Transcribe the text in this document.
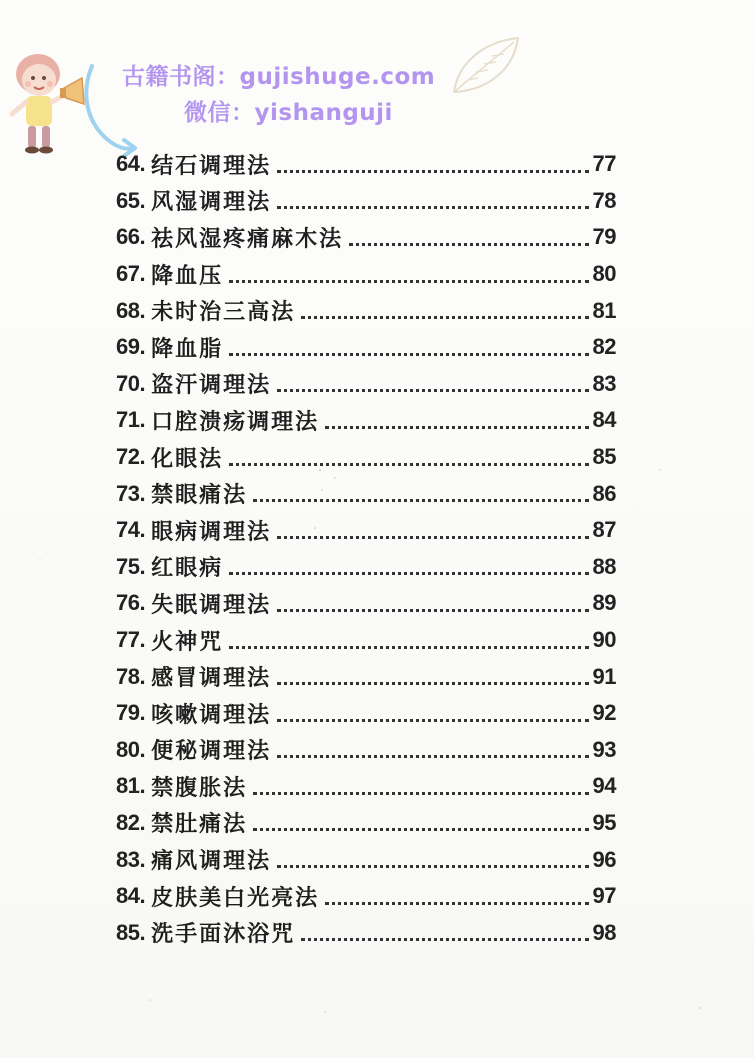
古籍书阁：gujishuge.com
微信：yishanguji
64. 结石调理法	77
65. 风湿调理法	78
66. 祛风湿疼痛麻木法	79
67. 降血压	80
68. 未时治三高法	81
69. 降血脂	82
70. 盗汗调理法	83
71. 口腔溃疡调理法	84
72. 化眼法	85
73. 禁眼痛法	86
74. 眼病调理法	87
75. 红眼病	88
76. 失眠调理法	89
77. 火神咒	90
78. 感冒调理法	91
79. 咳嗽调理法	92
80. 便秘调理法	93
81. 禁腹胀法	94
82. 禁肚痛法	95
83. 痛风调理法	96
84. 皮肤美白光亮法	97
85. 洗手面沐浴咒	98
